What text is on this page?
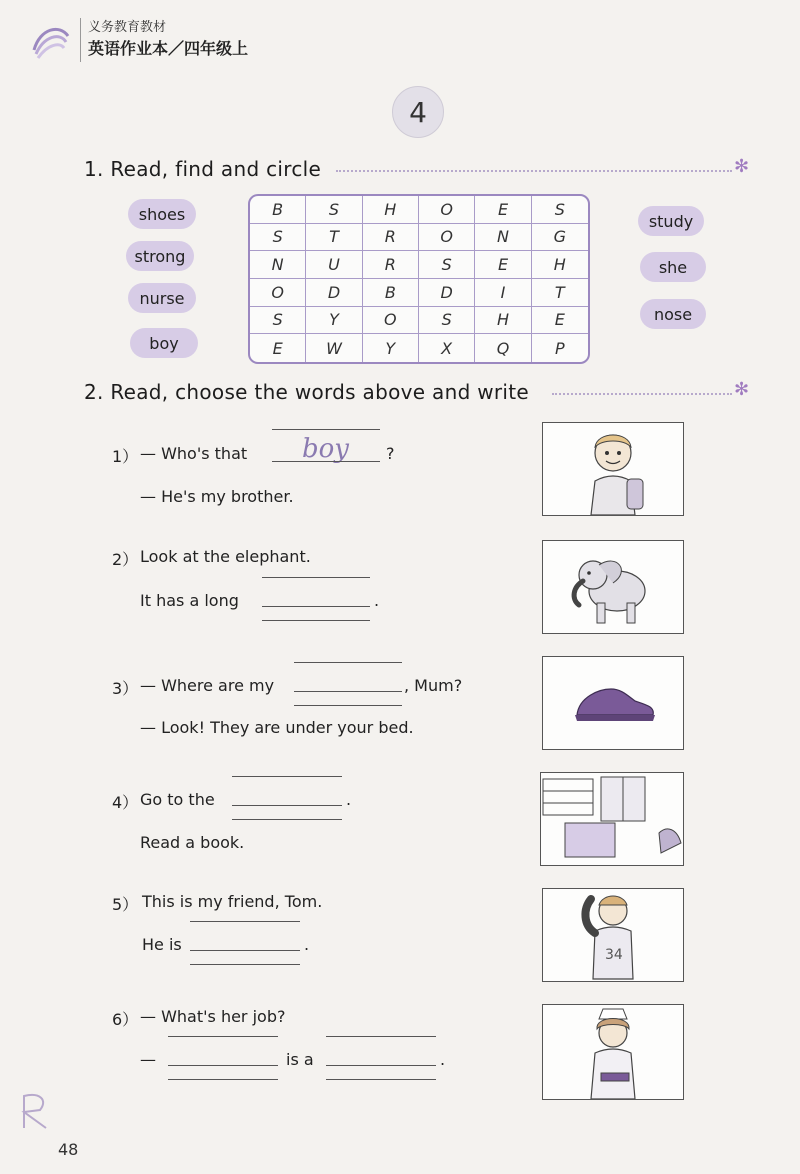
义务教育教材
英语作业本／四年级上
4
1. Read, find and circle	✻
shoes
strong
nurse
boy
study
she
nose
B	S	H	O	E	S
S	T	R	O	N	G
N	U	R	S	E	H
O	D	B	D	I	T
S	Y	O	S	H	E
E	W	Y	X	Q	P
2. Read, choose the words above and write	✻
1） — Who's that boy ?
— He's my brother.
2） Look at the elephant.
It has a long	.
3） — Where are my	, Mum?
— Look! They are under your bed.
4） Go to the	.
Read a book.
5） This is my friend, Tom.
He is	.
6） — What's her job?
—	is a	.
34
48
